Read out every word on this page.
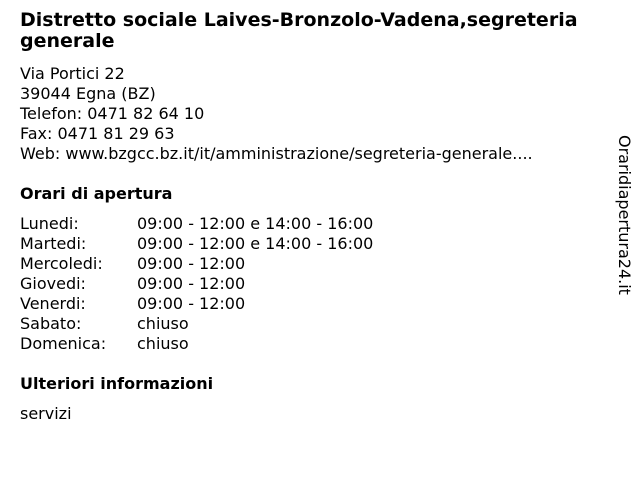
Distretto sociale Laives-Bronzolo-Vadena,segreteria generale
Via Portici 22
39044 Egna (BZ)
Telefon: 0471 82 64 10
Fax: 0471 81 29 63
Web: www.bzgcc.bz.it/it/amministrazione/segreteria-generale....
Orari di apertura
Lunedi:	09:00 - 12:00 e 14:00 - 16:00
Martedi:	09:00 - 12:00 e 14:00 - 16:00
Mercoledi:	09:00 - 12:00
Giovedi:	09:00 - 12:00
Venerdi:	09:00 - 12:00
Sabato:	chiuso
Domenica:	chiuso
Ulteriori informazioni
servizi
Oraridiapertura24.it
